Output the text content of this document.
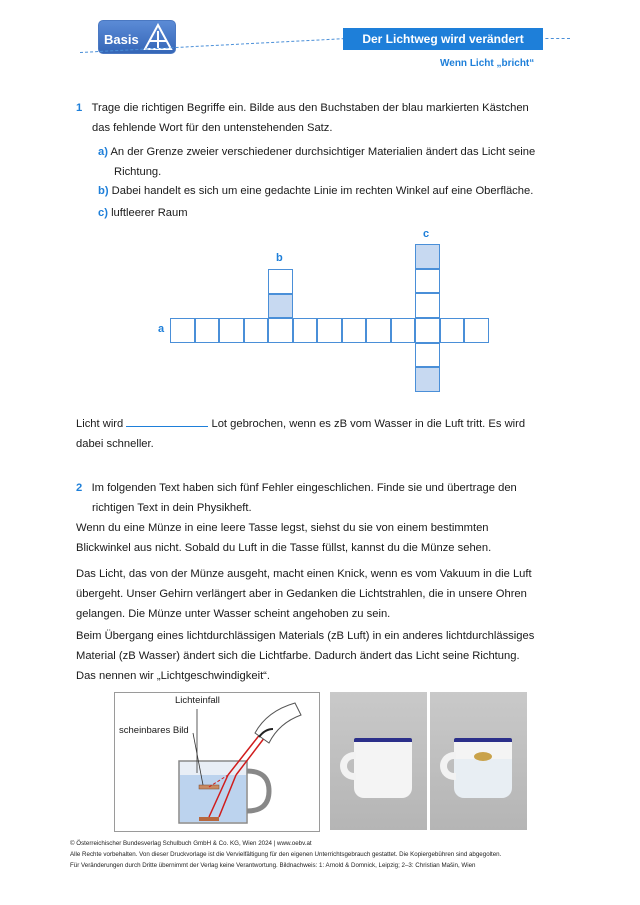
Basis	Der Lichtweg wird verändert
Wenn Licht „bricht“
1 Trage die richtigen Begriffe ein. Bilde aus den Buchstaben der blau markierten Kästchen
das fehlende Wort für den untenstehenden Satz.
a) An der Grenze zweier verschiedener durchsichtiger Materialien ändert das Licht seine
Richtung.
b) Dabei handelt es sich um eine gedachte Linie im rechten Winkel auf eine Oberfläche.
c) luftleerer Raum
a
b
c
Licht wird	Lot gebrochen, wenn es zB vom Wasser in die Luft tritt. Es wird
dabei schneller.
2 Im folgenden Text haben sich fünf Fehler eingeschlichen. Finde sie und übertrage den
richtigen Text in dein Physikheft.
Wenn du eine Münze in eine leere Tasse legst, siehst du sie von einem bestimmten
Blickwinkel aus nicht. Sobald du Luft in die Tasse füllst, kannst du die Münze sehen.
Das Licht, das von der Münze ausgeht, macht einen Knick, wenn es vom Vakuum in die Luft
übergeht. Unser Gehirn verlängert aber in Gedanken die Lichtstrahlen, die in unsere Ohren
gelangen. Die Münze unter Wasser scheint angehoben zu sein.
Beim Übergang eines lichtdurchlässigen Materials (zB Luft) in ein anderes lichtdurchlässiges
Material (zB Wasser) ändert sich die Lichtfarbe. Dadurch ändert das Licht seine Richtung.
Das nennen wir „Lichtgeschwindigkeit“.
Lichteinfall
scheinbares Bild
© Österreichischer Bundesverlag Schulbuch GmbH & Co. KG, Wien 2024 | www.oebv.at
Alle Rechte vorbehalten. Von dieser Druckvorlage ist die Vervielfältigung für den eigenen Unterrichtsgebrauch gestattet. Die Kopiergebühren sind abgegolten.
Für Veränderungen durch Dritte übernimmt der Verlag keine Verantwortung. Bildnachweis: 1: Arnold & Domnick, Leipzig; 2–3: Christian Mašin, Wien
